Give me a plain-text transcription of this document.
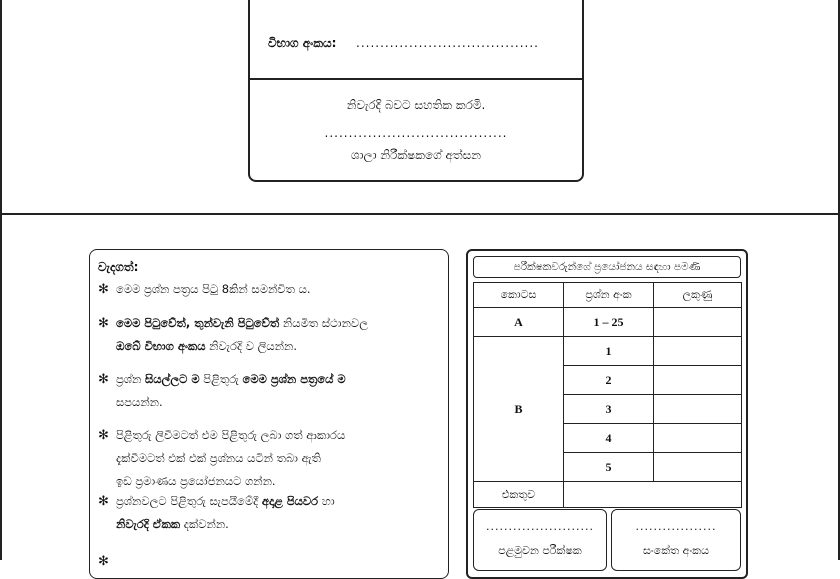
විභාග අංකය: ......................................
නිවැරදි බවට සහතික කරමි.
......................................
ශාලා නිරීක්ෂකගේ අත්සන
වැදගත්:
✻ මෙම ප්‍රශ්න පත්‍රය පිටු 8කින් සමන්විත ය.
✻ මෙම පිටුවේත්, තුන්වැනි පිටුවේත් නියමිත ස්ථානවල
ඔබේ විභාග අංකය නිවැරදි ව ලියන්න.
✻ ප්‍රශ්න සියල්ලට ම පිළිතුරු මෙම ප්‍රශ්න පත්‍රයේ ම
සපයන්න.
✻ පිළිතුරු ලිවීමටත් එම පිළිතුරු ලබා ගත් ආකාරය
දැක්වීමටත් එක් එක් ප්‍රශ්නය යටින් තබා ඇති
ඉඩ ප්‍රමාණය ප්‍රයෝජනයට ගන්න.
✻ ප්‍රශ්නවලට පිළිතුරු සැපයීමේදී අදාළ පියවර හා
නිවැරදි ඒකක දක්වන්න.
✻
පරීක්ෂකවරුන්ගේ ප්‍රයෝජනය සඳහා පමණි
කොටස	ප්‍රශ්න අංක	ලකුණු
A	1 – 25	
B	1	
	2	
	3	
	4	
	5	
එකතුව		
........................
පළමුවන පරීක්ෂක
..................
සංකේත අංකය
